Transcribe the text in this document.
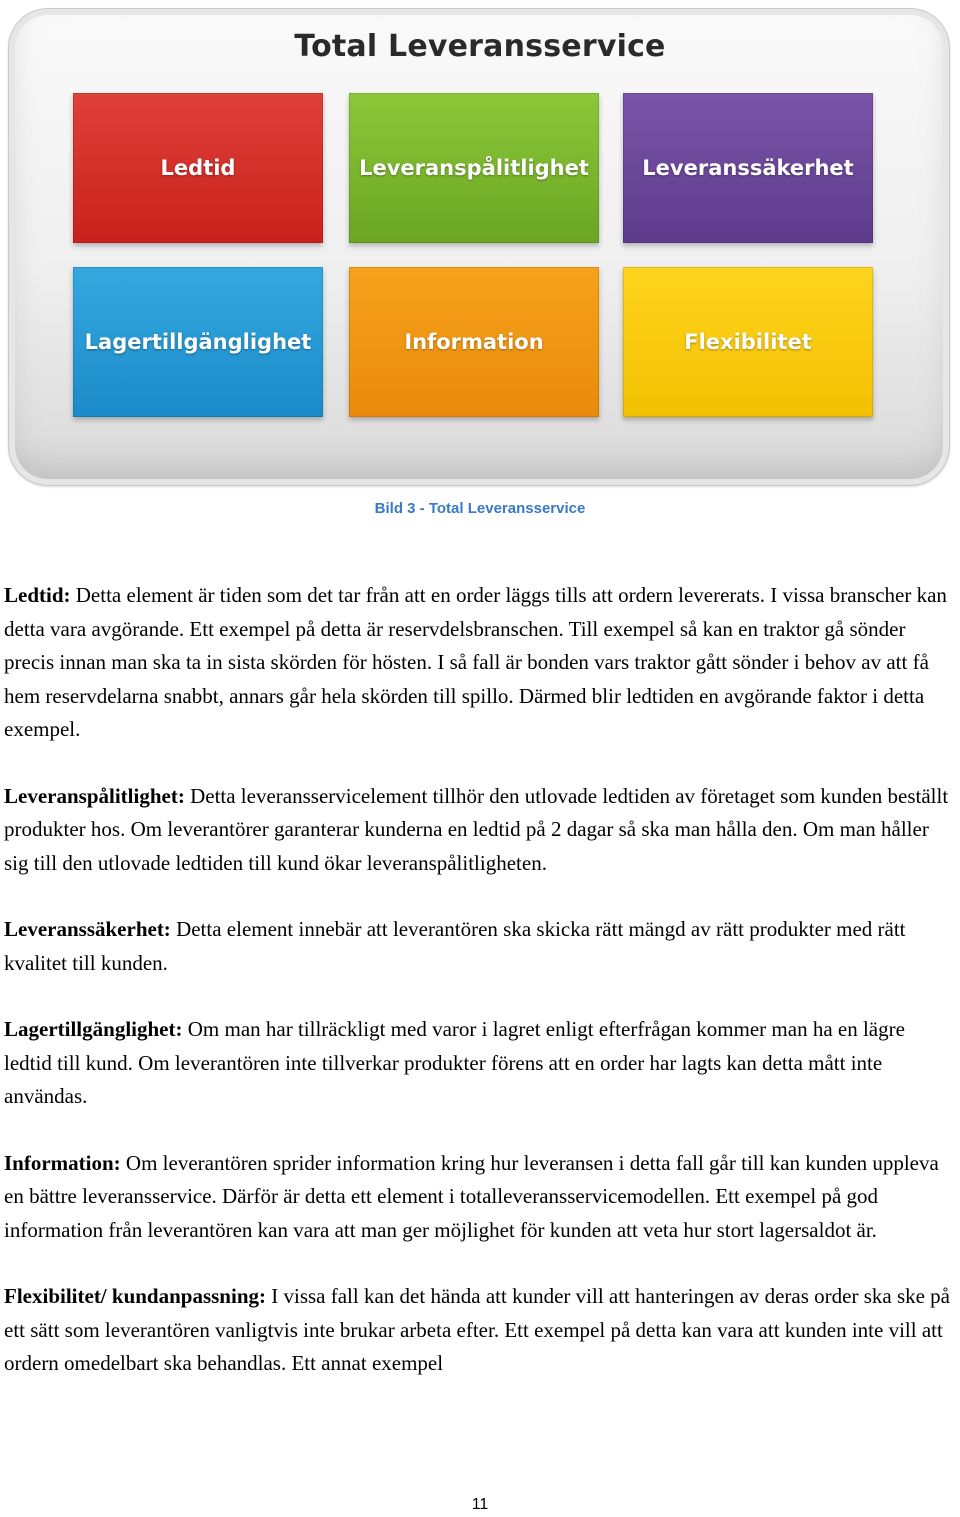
Total Leveransservice
Ledtid	Leveranspålitlighet	Leveranssäkerhet
Lagertillgänglighet	Information	Flexibilitet
Bild 3 - Total Leveransservice

Ledtid: Detta element är tiden som det tar från att en order läggs tills att ordern levererats. I vissa branscher kan detta vara avgörande. Ett exempel på detta är reservdelsbranschen. Till exempel så kan en traktor gå sönder precis innan man ska ta in sista skörden för hösten. I så fall är bonden vars traktor gått sönder i behov av att få hem reservdelarna snabbt, annars går hela skörden till spillo. Därmed blir ledtiden en avgörande faktor i detta exempel.

Leveranspålitlighet: Detta leveransservicelement tillhör den utlovade ledtiden av företaget som kunden beställt produkter hos. Om leverantörer garanterar kunderna en ledtid på 2 dagar så ska man hålla den. Om man håller sig till den utlovade ledtiden till kund ökar leveranspålitligheten.

Leveranssäkerhet: Detta element innebär att leverantören ska skicka rätt mängd av rätt produkter med rätt kvalitet till kunden.

Lagertillgänglighet: Om man har tillräckligt med varor i lagret enligt efterfrågan kommer man ha en lägre ledtid till kund. Om leverantören inte tillverkar produkter förens att en order har lagts kan detta mått inte användas.

Information: Om leverantören sprider information kring hur leveransen i detta fall går till kan kunden uppleva en bättre leveransservice. Därför är detta ett element i totalleveransservicemodellen. Ett exempel på god information från leverantören kan vara att man ger möjlighet för kunden att veta hur stort lagersaldot är.

Flexibilitet/ kundanpassning: I vissa fall kan det hända att kunder vill att hanteringen av deras order ska ske på ett sätt som leverantören vanligtvis inte brukar arbeta efter. Ett exempel på detta kan vara att kunden inte vill att ordern omedelbart ska behandlas. Ett annat exempel

11
